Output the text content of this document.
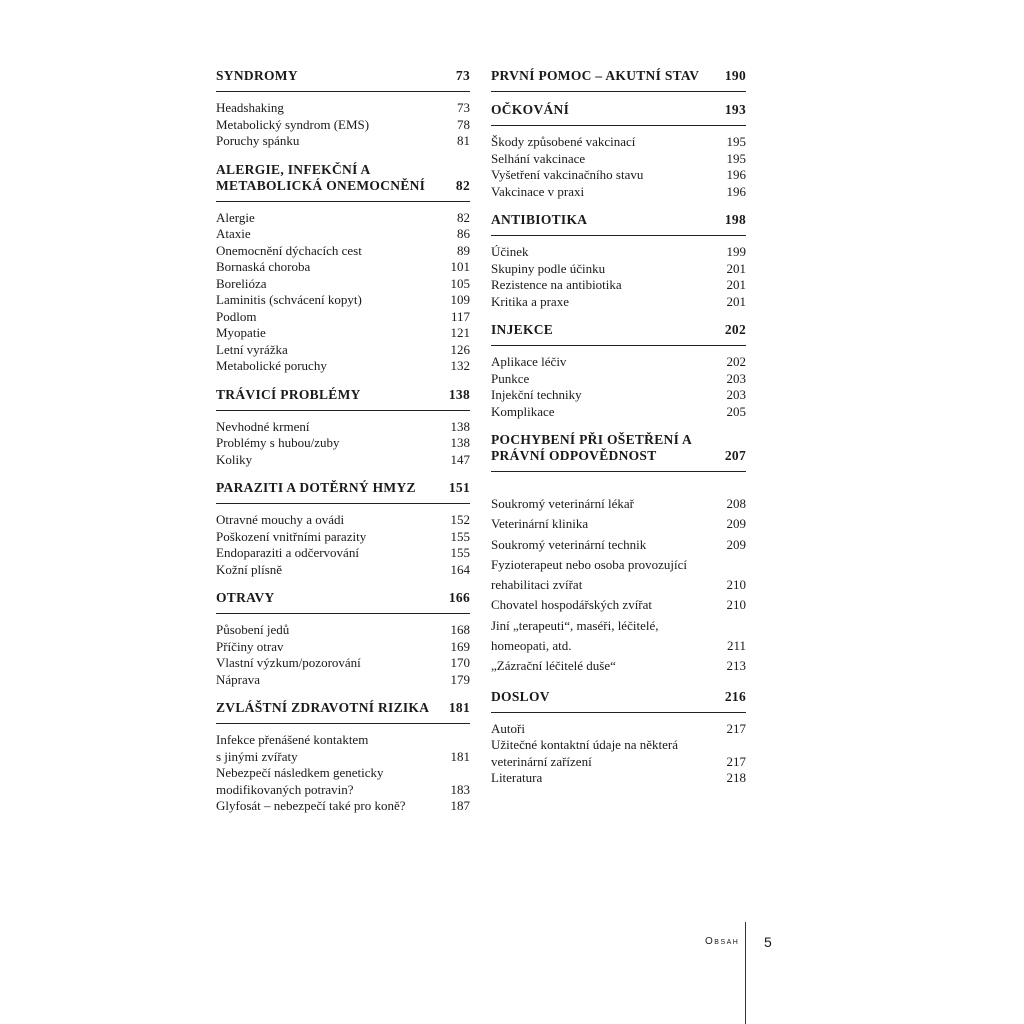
SYNDROMY	73
Headshaking	73
Metabolický syndrom (EMS)	78
Poruchy spánku	81
ALERGIE, INFEKČNÍ A METABOLICKÁ ONEMOCNĚNÍ	82
Alergie	82
Ataxie	86
Onemocnění dýchacích cest	89
Bornaská choroba	101
Borelióza	105
Laminitis (schvácení kopyt)	109
Podlom	117
Myopatie	121
Letní vyrážka	126
Metabolické poruchy	132
TRÁVICÍ PROBLÉMY	138
Nevhodné krmení	138
Problémy s hubou/zuby	138
Koliky	147
PARAZITI A DOTĚRNÝ HMYZ	151
Otravné mouchy a ovádi	152
Poškození vnitřními parazity	155
Endoparaziti a odčervování	155
Kožní plísně	164
OTRAVY	166
Působení jedů	168
Příčiny otrav	169
Vlastní výzkum/pozorování	170
Náprava	179
ZVLÁŠTNÍ ZDRAVOTNÍ RIZIKA	181
Infekce přenášené kontaktem
s jinými zvířaty	181
Nebezpečí následkem geneticky
modifikovaných potravin?	183
Glyfosát – nebezpečí také pro koně?	187
PRVNÍ POMOC – AKUTNÍ STAV	190
OČKOVÁNÍ	193
Škody způsobené vakcinací	195
Selhání vakcinace	195
Vyšetření vakcinačního stavu	196
Vakcinace v praxi	196
ANTIBIOTIKA	198
Účinek	199
Skupiny podle účinku	201
Rezistence na antibiotika	201
Kritika a praxe	201
INJEKCE	202
Aplikace léčiv	202
Punkce	203
Injekční techniky	203
Komplikace	205
POCHYBENÍ PŘI OŠETŘENÍ A PRÁVNÍ ODPOVĚDNOST	207
Soukromý veterinární lékař	208
Veterinární klinika	209
Soukromý veterinární technik	209
Fyzioterapeut nebo osoba provozující
rehabilitaci zvířat	210
Chovatel hospodářských zvířat	210
Jiní „terapeuti“, maséři, léčitelé,
homeopati, atd.	211
„Zázrační léčitelé duše“	213
DOSLOV	216
Autoři	217
Užitečné kontaktní údaje na některá
veterinární zařízení	217
Literatura	218
Obsah 5
